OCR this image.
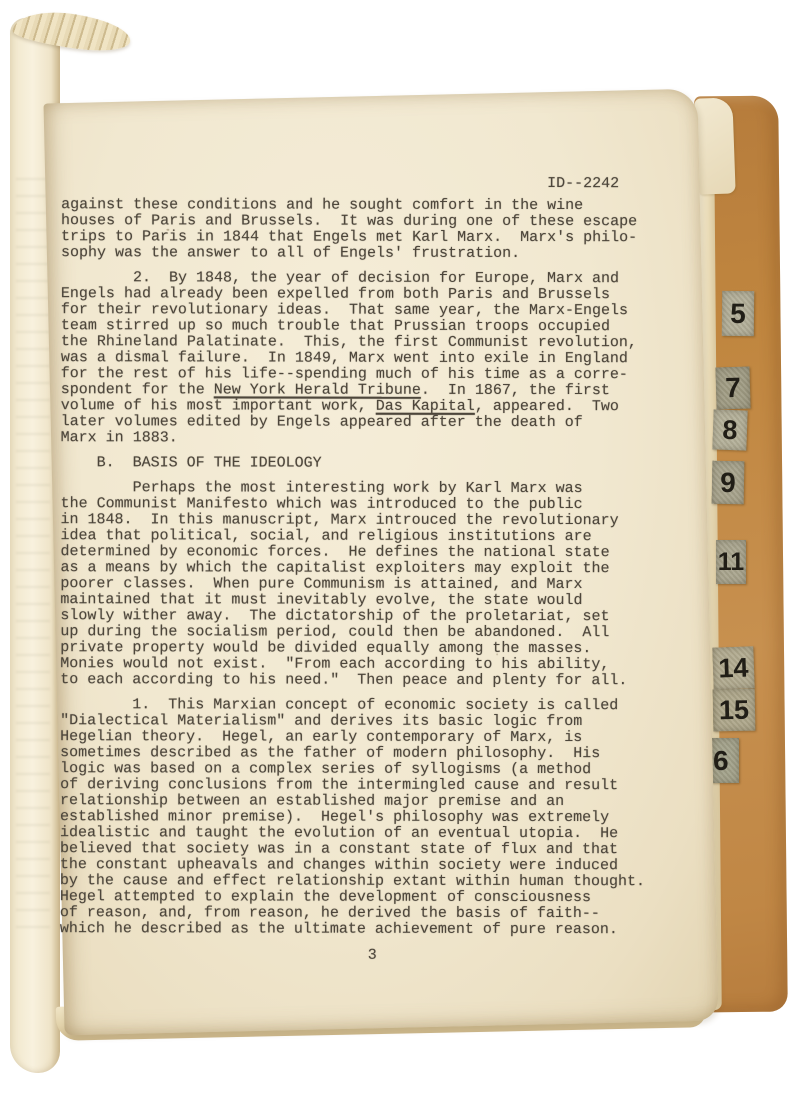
5
7
8
9
11
14
15
6
ID--2242
against these conditions and he sought comfort in the wine
houses of Paris and Brussels.  It was during one of these escape
trips to Paris in 1844 that Engels met Karl Marx.  Marx's philo-
sophy was the answer to all of Engels' frustration.
2.  By 1848, the year of decision for Europe, Marx and
Engels had already been expelled from both Paris and Brussels
for their revolutionary ideas.  That same year, the Marx-Engels
team stirred up so much trouble that Prussian troops occupied
the Rhineland Palatinate.  This, the first Communist revolution,
was a dismal failure.  In 1849, Marx went into exile in England
for the rest of his life--spending much of his time as a corre-
spondent for the New York Herald Tribune.  In 1867, the first
volume of his most important work, Das Kapital, appeared.  Two
later volumes edited by Engels appeared after the death of
Marx in 1883.
B.  BASIS OF THE IDEOLOGY
Perhaps the most interesting work by Karl Marx was
the Communist Manifesto which was introduced to the public
in 1848.  In this manuscript, Marx introuced the revolutionary
idea that political, social, and religious institutions are
determined by economic forces.  He defines the national state
as a means by which the capitalist exploiters may exploit the
poorer classes.  When pure Communism is attained, and Marx
maintained that it must inevitably evolve, the state would
slowly wither away.  The dictatorship of the proletariat, set
up during the socialism period, could then be abandoned.  All
private property would be divided equally among the masses.
Monies would not exist.  "From each according to his ability,
to each according to his need."  Then peace and plenty for all.
1.  This Marxian concept of economic society is called
"Dialectical Materialism" and derives its basic logic from
Hegelian theory.  Hegel, an early contemporary of Marx, is
sometimes described as the father of modern philosophy.  His
logic was based on a complex series of syllogisms (a method
of deriving conclusions from the intermingled cause and result
relationship between an established major premise and an
established minor premise).  Hegel's philosophy was extremely
idealistic and taught the evolution of an eventual utopia.  He
believed that society was in a constant state of flux and that
the constant upheavals and changes within society were induced
by the cause and effect relationship extant within human thought.
Hegel attempted to explain the development of consciousness
of reason, and, from reason, he derived the basis of faith--
which he described as the ultimate achievement of pure reason.
3
